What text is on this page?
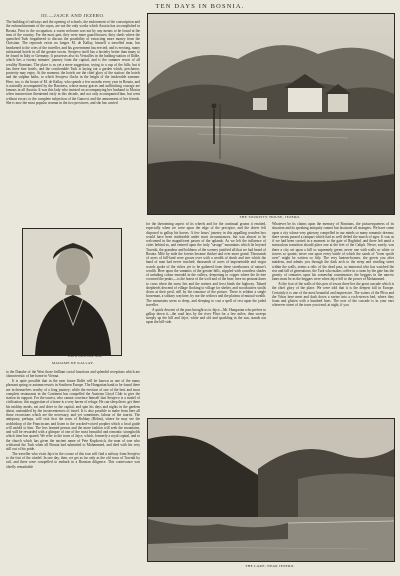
TEN DAYS IN BOSNIA.
III.—JAJCE AND JEZERO.

The building of railways and the opening of schools, the endowment of the conscription and the enfranchisement of the rayas, are not the only works which Austria has accomplished in Bosnia. Prior to the occupation, a warm welcome was not by any means to be found at the inns of the country. For the most part, they were mere guard-houses; dirty sheds where the quenched Turk forgathered to discuss the possibility of extracting more money from the Christian. The reproach exists no longer. M. de Kallay, himself a travelled man, has hearkened to the cries of the traveller, and his government has erected, and is erecting, many substantial hotels in all the greater towns. Serajevo itself has a hostelry better than many to be found in Italy or Germany. It possesses also its Versailles in the bathing-station of Ilidže, which lies a twenty minutes' journey from the capital, and is the summer resort of all wealthy Bosnians. The place is as yet a mere suggestion, trying to a cup of the hills; but it has three fine hotels, and the comfortable Turk is laying out a garden which, perchance, posterity may enjoy. At the moment, the hotels are the chief glory of the station: the hotels and the sulphur baths, to which Serajevo flocks in the height of the intolerable summer. Here, too, is the house of M. de Kallay, who spends a few months every year in Bosnia, and is naturally accompanied by the Baroness, whose many graces and unflinching courage are famous in all Austria. It was this lady who insisted on accompanying her husband to Mostar when insurrection threatened early in this decade, and not only accompanied him, but went without escort, to the complete subjection of the Ganovci and the amusement of her friends. She is now the most popular woman in the two provinces, and she has carried

THE TOURISTS' HOUSE, JEZERO.
Photo by Charles Scolik, Vienna
MADAME DE KALLAY.

to the Danube of the West those brilliant social functions and splendid receptions which are characteristic of her home in Vienna.

It is quite possible that in the near future Ilidže will be known as one of the many pleasant spring or autumn resorts in Southern Europe. The Hungarian bank to be found there are in themselves worthy of a long journey; while the erection of one of the best and most complete restaurants in the Continent has compelled the Austrian Lloyd Club to give the station its support. For the tourist, who cannot convince himself that Serajevo is a model of civilisation, this suggestion of a home is a very haven of refuge. He can sleep there, get there his midday meals, eat and drive to the capital, and spin his days and nights in the gardens about, untroubled by the inconveniences of travel. It is also possible to make from here all those excursions which are the necessary, and yet sometimes, labour of the tourist. The antiquary, perhaps, will visit first the town of Rohbay (Böhm), where he may see the archbishop of the Franciscans and listen to the cracked-voiced prophet which a local guide will unfold to him. The less learned person and the more fashion will seek the mountains, and will be rewarded with a glimpse of one of the most beautiful and romantic strongholds which time has spared. We refer to the town of Jajce, which, formerly a royal capital, and to the church which has given the ancient name of Pete Kupkovich, the man of true who withstood the Turk when all Bosnia had submitted to Mohammed, and died with his very still out of his pride.

The traveller who visits Jajce in the course of this tour will find a railway from Serajevo to the foot of the citadel. In one day, then, we get as far only as the old town of Travnik by rail, and there were compelled to embark in a Bosnian diligence. This contrivance was chiefly remarkable

for the threatening aspect of its wheels and for the continual groans it emitted, especially when we were upon the edge of the precipice, and the driver felt disposed to gallop his horses. A few hours' journey in this appalling wooden box would have been intolerable under most circumstances, but was almost to be welcomed in the magnificent passes of the uplands. As we left the influence of cities behind us, and entered upon the truly "savage" mountains which lie beyond Travnik, the grandeur and boldness of the scenery justified all that we had heard of Bosnia. Mile by mile the forests became thicker and ever more grand. Thousands of acres of hill-land were grown over with a wealth of shrub and tree which the hand of man had never touched; thousands of acres of impenetrable and virgin woods spoke of the riches yet to be gathered from these storehouses of nature's wealth. Here upon the summits of the greater hills, stippled with countless shades of unfading colour emerald in the valleys, deepening to copper where the fir-tree crowned the peaks,—is the house of the wolf and of the bear; here no peasant dares to cross when the snow lies and the ravines and frost binds the highway. Tabard shepherds descend of village flocking to village for shelter, and woodcutters strolls down at their peril, still by the romance of the picture. There is seldom a single horseman, a solitary wayfarer, by nor the widows and the plateau of mutual wealth. The mountains seem to sleep, and sleeping to cast a spell of rest upon the jaded traveller.

A quick descent of the pass brought us to Jajce—Mr. Hungarian who prefers to gallop down it—the road lays by the river Pliva for a few miles; then sweeps steeply up the hill and Jajce, white and old and sparkling in the sun, stands out upon the hill-side.

Whatever be its claims upon the memory of Bosnians, the picturesqueness of its situation and its speaking antiquity cannot but fascinate all strangers. We have come upon a city whose very gateway compelled in our minds so many romantic dreams; there seems passed a rampart which had as well defied the march of ages. It was as if we had been carried in a moment to the gate of Baghdad, and there left amid a miraculous transition should place one at the feet of the Caliph. Never, surely, was there a city set upon a hill so supremely green; never one with walls so white or towers so quaint; never one upon every battle of which the sands of "from spoils over" might be written so fitly. The very lantern-houses, she greets you after maidens, and admits you through the dark arch to the steep and winding street within the walls, seems a relic of the dead past, so immortal who has watched the rise and fall of generations; the Turk who makes coffee in a room by the gate has the gravity of centuries upon his somewhat countenance; the beggars in the narrow lanes must be as the beggars were when Jajce fell to the power of Mohammed.

At the foot of the walls of this pen of towns there lies the great cascade which is the chief glory of the place. We were told that it is the deepest fall in Europe. Certainly it is one of the most beautiful and impressive. The waters of the Pliva and the Vrbas here meet and dash down a ravine into a rock-strewn bed, where they foam and glisten with a hundred hues. The roar of the cascade is in your ears wherever street of the town you tread; at night, if you

THE LAKE, NEAR JEZERO.
